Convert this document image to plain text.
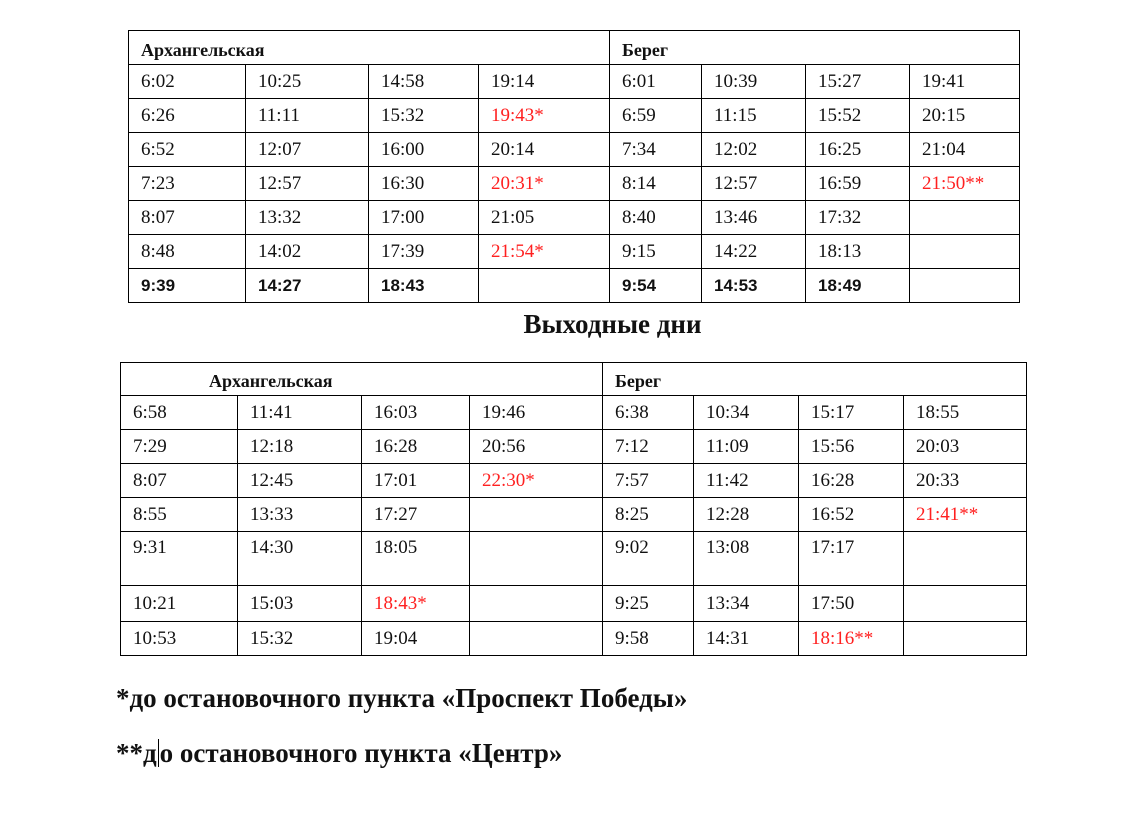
Архангельская				Берег			
6:02	10:25	14:58	19:14	6:01	10:39	15:27	19:41
6:26	11:11	15:32	19:43*	6:59	11:15	15:52	20:15
6:52	12:07	16:00	20:14	7:34	12:02	16:25	21:04
7:23	12:57	16:30	20:31*	8:14	12:57	16:59	21:50**
8:07	13:32	17:00	21:05	8:40	13:46	17:32	
8:48	14:02	17:39	21:54*	9:15	14:22	18:13	
9:39	14:27	18:43		9:54	14:53	18:49	
Выходные дни
Архангельская				Берег			
6:58	11:41	16:03	19:46	6:38	10:34	15:17	18:55
7:29	12:18	16:28	20:56	7:12	11:09	15:56	20:03
8:07	12:45	17:01	22:30*	7:57	11:42	16:28	20:33
8:55	13:33	17:27		8:25	12:28	16:52	21:41**
9:31	14:30	18:05		9:02	13:08	17:17	
10:21	15:03	18:43*		9:25	13:34	17:50	
10:53	15:32	19:04		9:58	14:31	18:16**	
*до остановочного пункта «Проспект Победы»
**д о остановочного пункта «Центр»
